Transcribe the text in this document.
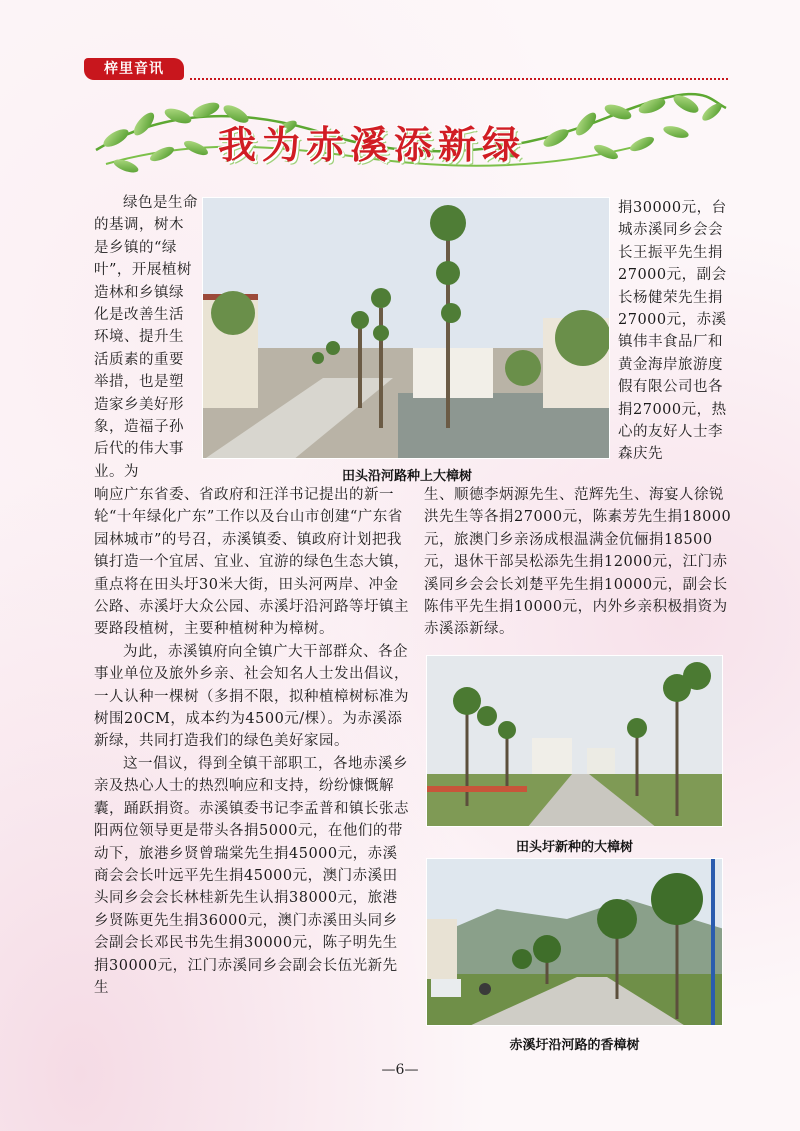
梓里音讯
我为赤溪添新绿
绿色是生命的基调，树木是乡镇的“绿叶”，开展植树造林和乡镇绿化是改善生活环境、提升生活质素的重要举措，也是塑造家乡美好形象，造福子孙后代的伟大事业。为	田头沿河路种上大樟树
捐30000元，台城赤溪同乡会会长王振平先生捐27000元，副会长杨健荣先生捐27000元，赤溪镇伟丰食品厂和黄金海岸旅游度假有限公司也各捐27000元，热心的友好人士李森庆先

响应广东省委、省政府和汪洋书记提出的新一轮“十年绿化广东”工作以及台山市创建“广东省园林城市”的号召，赤溪镇委、镇政府计划把我镇打造一个宜居、宜业、宜游的绿色生态大镇，重点将在田头圩30米大街，田头河两岸、冲金公路、赤溪圩大众公园、赤溪圩沿河路等圩镇主要路段植树，主要种植树种为樟树。

为此，赤溪镇府向全镇广大干部群众、各企事业单位及旅外乡亲、社会知名人士发出倡议，一人认种一棵树（多捐不限，拟种植樟树标准为树围20CM，成本约为4500元/棵）。为赤溪添新绿，共同打造我们的绿色美好家园。

这一倡议，得到全镇干部职工，各地赤溪乡亲及热心人士的热烈响应和支持，纷纷慷慨解囊，踊跃捐资。赤溪镇委书记李孟普和镇长张志阳两位领导更是带头各捐5000元，在他们的带动下，旅港乡贤曾瑞棠先生捐45000元，赤溪商会会长叶远平先生捐45000元，澳门赤溪田头同乡会会长林桂新先生认捐38000元，旅港乡贤陈更先生捐36000元，澳门赤溪田头同乡会副会长邓民书先生捐30000元，陈子明先生捐30000元，江门赤溪同乡会副会长伍光新先生

生、顺德李炳源先生、范辉先生、海宴人徐锐洪先生等各捐27000元，陈素芳先生捐18000元，旅澳门乡亲汤成根温满金伉俪捐18500元，退休干部吴松添先生捐12000元，江门赤溪同乡会会长刘楚平先生捐10000元，副会长陈伟平先生捐10000元，内外乡亲积极捐资为赤溪添新绿。
田头圩新种的大樟树
赤溪圩沿河路的香樟树
—6—
